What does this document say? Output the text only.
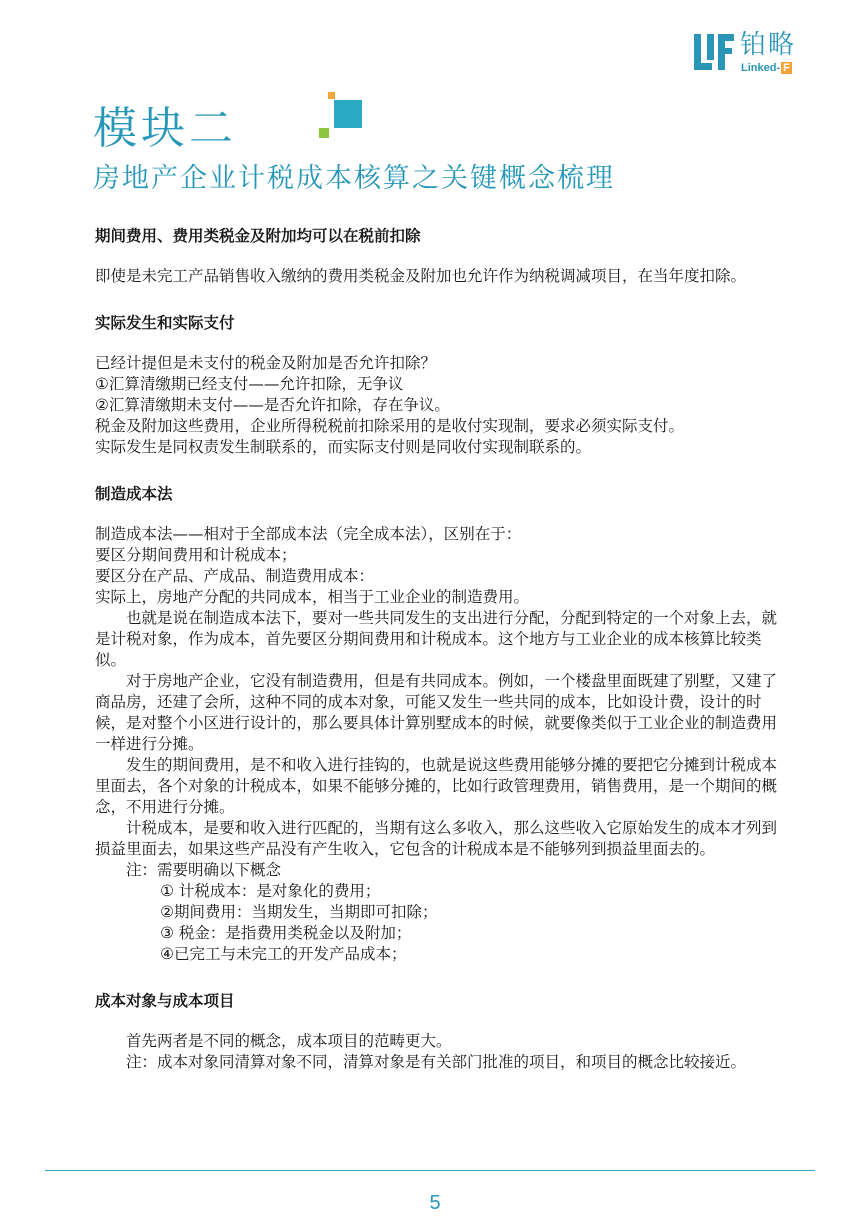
铂略
Linked- F
模块二
房地产企业计税成本核算之关键概念梳理

期间费用、费用类税金及附加均可以在税前扣除

即使是未完工产品销售收入缴纳的费用类税金及附加也允许作为纳税调减项目，在当年度扣除。

实际发生和实际支付

已经计提但是未支付的税金及附加是否允许扣除？

①汇算清缴期已经支付——允许扣除，无争议

②汇算清缴期未支付——是否允许扣除，存在争议。

税金及附加这些费用，企业所得税税前扣除采用的是收付实现制，要求必须实际支付。

实际发生是同权责发生制联系的，而实际支付则是同收付实现制联系的。

制造成本法

制造成本法——相对于全部成本法（完全成本法），区别在于：

要区分期间费用和计税成本；

要区分在产品、产成品、制造费用成本：

实际上，房地产分配的共同成本，相当于工业企业的制造费用。

也就是说在制造成本法下，要对一些共同发生的支出进行分配，分配到特定的一个对象上去，就是计税对象，作为成本，首先要区分期间费用和计税成本。这个地方与工业企业的成本核算比较类似。

对于房地产企业，它没有制造费用，但是有共同成本。例如，一个楼盘里面既建了别墅，又建了商品房，还建了会所，这种不同的成本对象，可能又发生一些共同的成本，比如设计费，设计的时候，是对整个小区进行设计的，那么要具体计算别墅成本的时候，就要像类似于工业企业的制造费用一样进行分摊。

发生的期间费用，是不和收入进行挂钩的，也就是说这些费用能够分摊的要把它分摊到计税成本里面去，各个对象的计税成本，如果不能够分摊的，比如行政管理费用，销售费用，是一个期间的概念，不用进行分摊。

计税成本，是要和收入进行匹配的，当期有这么多收入，那么这些收入它原始发生的成本才列到损益里面去，如果这些产品没有产生收入，它包含的计税成本是不能够列到损益里面去的。

注：需要明确以下概念

① 计税成本：是对象化的费用；

②期间费用：当期发生，当期即可扣除；

③ 税金：是指费用类税金以及附加；

④已完工与未完工的开发产品成本；

成本对象与成本项目

首先两者是不同的概念，成本项目的范畴更大。

注：成本对象同清算对象不同，清算对象是有关部门批准的项目，和项目的概念比较接近。

5
